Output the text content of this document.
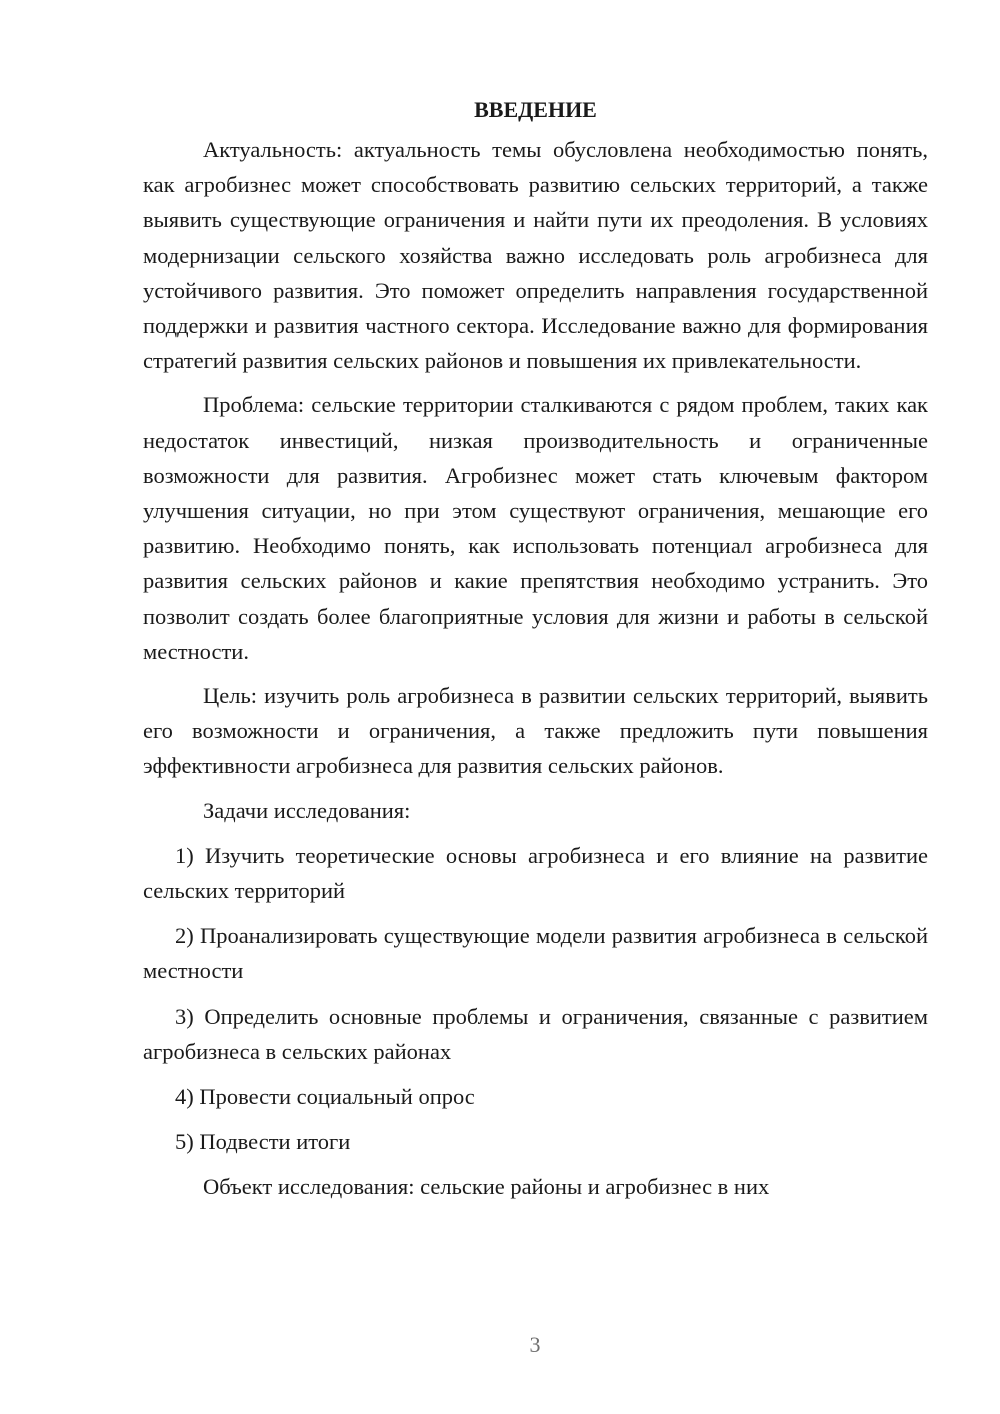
ВВЕДЕНИЕ

Актуальность: актуальность темы обусловлена необходимостью понять, как агробизнес может способствовать развитию сельских территорий, а также выявить существующие ограничения и найти пути их преодоления. В условиях модернизации сельского хозяйства важно исследовать роль агробизнеса для устойчивого развития. Это поможет определить направления государственной поддержки и развития частного сектора. Исследование важно для формирования стратегий развития сельских районов и повышения их привлекательности.

Проблема: сельские территории сталкиваются с рядом проблем, таких как недостаток инвестиций, низкая производительность и ограниченные возможности для развития. Агробизнес может стать ключевым фактором улучшения ситуации, но при этом существуют ограничения, мешающие его развитию. Необходимо понять, как использовать потенциал агробизнеса для развития сельских районов и какие препятствия необходимо устранить. Это позволит создать более благоприятные условия для жизни и работы в сельской местности.

Цель: изучить роль агробизнеса в развитии сельских территорий, выявить его возможности и ограничения, а также предложить пути повышения эффективности агробизнеса для развития сельских районов.

Задачи исследования:

1) Изучить теоретические основы агробизнеса и его влияние на развитие сельских территорий

2) Проанализировать существующие модели развития агробизнеса в сельской местности

3) Определить основные проблемы и ограничения, связанные с развитием агробизнеса в сельских районах

4) Провести социальный опрос

5) Подвести итоги

Объект исследования: сельские районы и агробизнес в них

3
